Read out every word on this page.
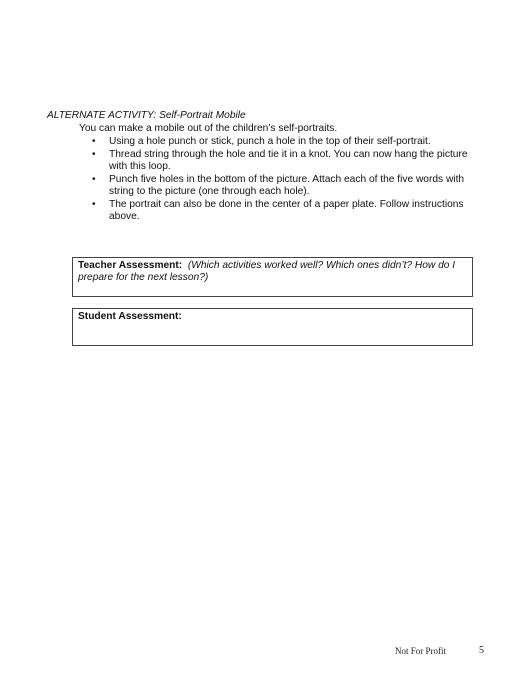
ALTERNATE ACTIVITY: Self-Portrait Mobile
You can make a mobile out of the children’s self-portraits.
• Using a hole punch or stick, punch a hole in the top of their self-portrait.
• Thread string through the hole and tie it in a knot. You can now hang the picture with this loop.
• Punch five holes in the bottom of the picture. Attach each of the five words with string to the picture (one through each hole).
• The portrait can also be done in the center of a paper plate. Follow instructions above.
Teacher Assessment: (Which activities worked well? Which ones didn’t? How do I prepare for the next lesson?)
Student Assessment:
Not For Profit	5
